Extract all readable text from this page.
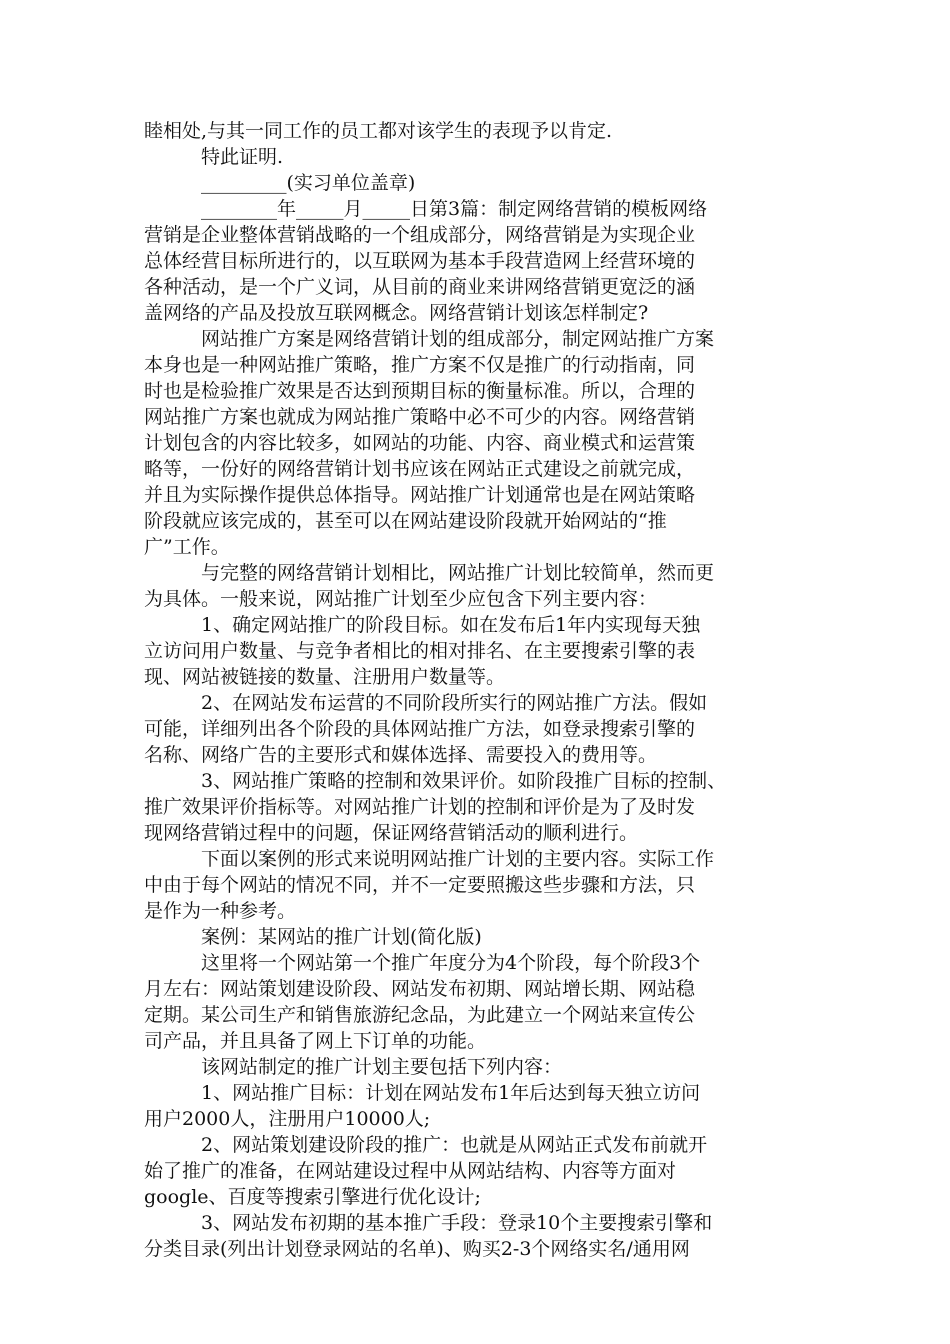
睦相处,与其一同工作的员工都对该学生的表现予以肯定.
特此证明.
_________(实习单位盖章)
________年_____月_____日第3篇：制定网络营销的模板网络
营销是企业整体营销战略的一个组成部分，网络营销是为实现企业
总体经营目标所进行的，以互联网为基本手段营造网上经营环境的
各种活动，是一个广义词，从目前的商业来讲网络营销更宽泛的涵
盖网络的产品及投放互联网概念。网络营销计划该怎样制定?
网站推广方案是网络营销计划的组成部分，制定网站推广方案
本身也是一种网站推广策略，推广方案不仅是推广的行动指南，同
时也是检验推广效果是否达到预期目标的衡量标准。所以，合理的
网站推广方案也就成为网站推广策略中必不可少的内容。网络营销
计划包含的内容比较多，如网站的功能、内容、商业模式和运营策
略等，一份好的网络营销计划书应该在网站正式建设之前就完成，
并且为实际操作提供总体指导。网站推广计划通常也是在网站策略
阶段就应该完成的，甚至可以在网站建设阶段就开始网站的“推
广”工作。
与完整的网络营销计划相比，网站推广计划比较简单，然而更
为具体。一般来说，网站推广计划至少应包含下列主要内容：
1、确定网站推广的阶段目标。如在发布后1年内实现每天独
立访问用户数量、与竞争者相比的相对排名、在主要搜索引擎的表
现、网站被链接的数量、注册用户数量等。
2、在网站发布运营的不同阶段所实行的网站推广方法。假如
可能，详细列出各个阶段的具体网站推广方法，如登录搜索引擎的
名称、网络广告的主要形式和媒体选择、需要投入的费用等。
3、网站推广策略的控制和效果评价。如阶段推广目标的控制、
推广效果评价指标等。对网站推广计划的控制和评价是为了及时发
现网络营销过程中的问题，保证网络营销活动的顺利进行。
下面以案例的形式来说明网站推广计划的主要内容。实际工作
中由于每个网站的情况不同，并不一定要照搬这些步骤和方法，只
是作为一种参考。
案例：某网站的推广计划(简化版)
这里将一个网站第一个推广年度分为4个阶段，每个阶段3个
月左右：网站策划建设阶段、网站发布初期、网站增长期、网站稳
定期。某公司生产和销售旅游纪念品，为此建立一个网站来宣传公
司产品，并且具备了网上下订单的功能。
该网站制定的推广计划主要包括下列内容：
1、网站推广目标：计划在网站发布1年后达到每天独立访问
用户2000人，注册用户10000人;
2、网站策划建设阶段的推广：也就是从网站正式发布前就开
始了推广的准备，在网站建设过程中从网站结构、内容等方面对
google、百度等搜索引擎进行优化设计;
3、网站发布初期的基本推广手段：登录10个主要搜索引擎和
分类目录(列出计划登录网站的名单)、购买2-3个网络实名/通用网
